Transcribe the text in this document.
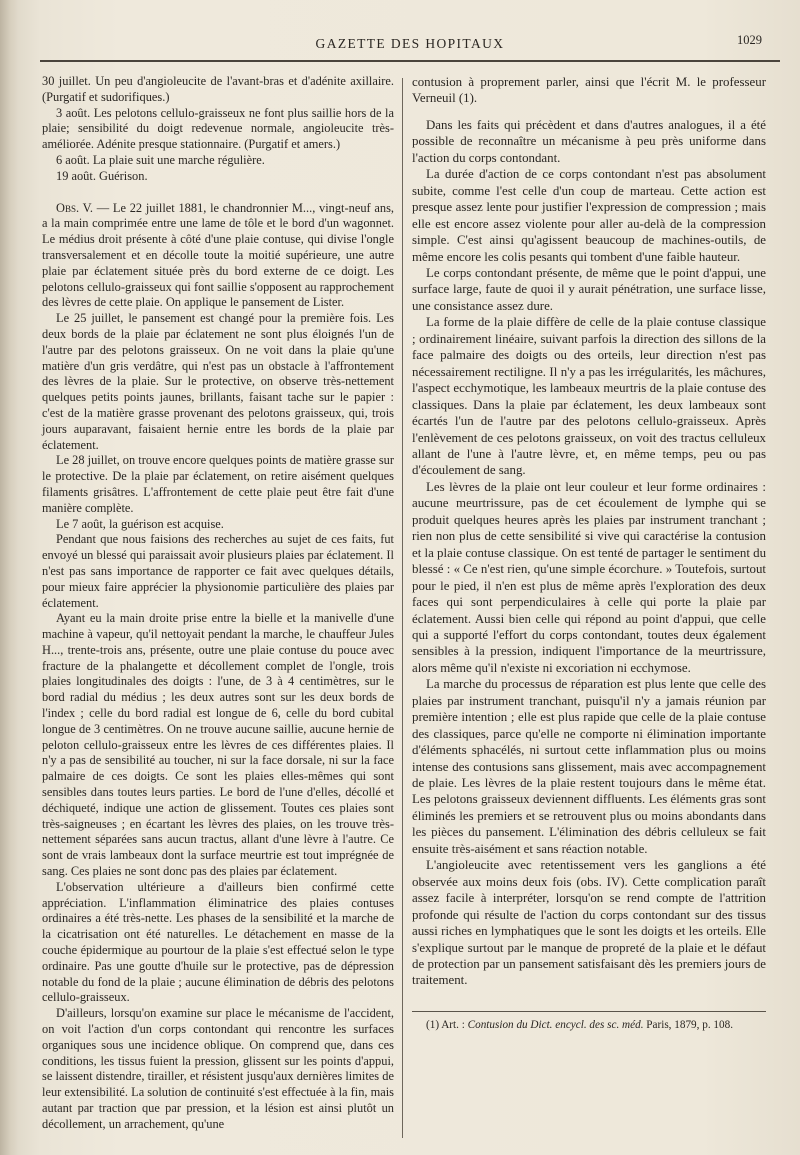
GAZETTE DES HOPITAUX	1029

30 juillet. Un peu d'angioleucite de l'avant-bras et d'adénite axillaire. (Purgatif et sudorifiques.)

3 août. Les pelotons cellulo-graisseux ne font plus saillie hors de la plaie; sensibilité du doigt redevenue normale, angioleucite très-améliorée. Adénite presque stationnaire. (Purgatif et amers.)

6 août. La plaie suit une marche régulière.

19 août. Guérison.

Obs. V. — Le 22 juillet 1881, le chandronnier M..., vingt-neuf ans, a la main comprimée entre une lame de tôle et le bord d'un wagonnet. Le médius droit présente à côté d'une plaie contuse, qui divise l'ongle transversalement et en décolle toute la moitié supérieure, une autre plaie par éclatement située près du bord externe de ce doigt. Les pelotons cellulo-graisseux qui font saillie s'opposent au rapprochement des lèvres de cette plaie. On applique le pansement de Lister.

Le 25 juillet, le pansement est changé pour la première fois. Les deux bords de la plaie par éclatement ne sont plus éloignés l'un de l'autre par des pelotons graisseux. On ne voit dans la plaie qu'une matière d'un gris verdâtre, qui n'est pas un obstacle à l'affrontement des lèvres de la plaie. Sur le protective, on observe très-nettement quelques petits points jaunes, brillants, faisant tache sur le papier : c'est de la matière grasse provenant des pelotons graisseux, qui, trois jours auparavant, faisaient hernie entre les bords de la plaie par éclatement.

Le 28 juillet, on trouve encore quelques points de matière grasse sur le protective. De la plaie par éclatement, on retire aisément quelques filaments grisâtres. L'affrontement de cette plaie peut être fait d'une manière complète.

Le 7 août, la guérison est acquise.

Pendant que nous faisions des recherches au sujet de ces faits, fut envoyé un blessé qui paraissait avoir plusieurs plaies par éclatement. Il n'est pas sans importance de rapporter ce fait avec quelques détails, pour mieux faire apprécier la physionomie particulière des plaies par éclatement.

Ayant eu la main droite prise entre la bielle et la manivelle d'une machine à vapeur, qu'il nettoyait pendant la marche, le chauffeur Jules H..., trente-trois ans, présente, outre une plaie contuse du pouce avec fracture de la phalangette et décollement complet de l'ongle, trois plaies longitudinales des doigts : l'une, de 3 à 4 centimètres, sur le bord radial du médius ; les deux autres sont sur les deux bords de l'index ; celle du bord radial est longue de 6, celle du bord cubital longue de 3 centimètres. On ne trouve aucune saillie, aucune hernie de peloton cellulo-graisseux entre les lèvres de ces différentes plaies. Il n'y a pas de sensibilité au toucher, ni sur la face dorsale, ni sur la face palmaire de ces doigts. Ce sont les plaies elles-mêmes qui sont sensibles dans toutes leurs parties. Le bord de l'une d'elles, décollé et déchiqueté, indique une action de glissement. Toutes ces plaies sont très-saigneuses ; en écartant les lèvres des plaies, on les trouve très-nettement séparées sans aucun tractus, allant d'une lèvre à l'autre. Ce sont de vrais lambeaux dont la surface meurtrie est tout imprégnée de sang. Ces plaies ne sont donc pas des plaies par éclatement.

L'observation ultérieure a d'ailleurs bien confirmé cette appréciation. L'inflammation éliminatrice des plaies contuses ordinaires a été très-nette. Les phases de la sensibilité et la marche de la cicatrisation ont été naturelles. Le détachement en masse de la couche épidermique au pourtour de la plaie s'est effectué selon le type ordinaire. Pas une goutte d'huile sur le protective, pas de dépression notable du fond de la plaie ; aucune élimination de débris des pelotons cellulo-graisseux.

D'ailleurs, lorsqu'on examine sur place le mécanisme de l'accident, on voit l'action d'un corps contondant qui rencontre les surfaces organiques sous une incidence oblique. On comprend que, dans ces conditions, les tissus fuient la pression, glissent sur les points d'appui, se laissent distendre, tirailler, et résistent jusqu'aux dernières limites de leur extensibilité. La solution de continuité s'est effectuée à la fin, mais autant par traction que par pression, et la lésion est ainsi plutôt un décollement, un arrachement, qu'une

contusion à proprement parler, ainsi que l'écrit M. le professeur Verneuil (1).

Dans les faits qui précèdent et dans d'autres analogues, il a été possible de reconnaître un mécanisme à peu près uniforme dans l'action du corps contondant.

La durée d'action de ce corps contondant n'est pas absolument subite, comme l'est celle d'un coup de marteau. Cette action est presque assez lente pour justifier l'expression de compression ; mais elle est encore assez violente pour aller au-delà de la compression simple. C'est ainsi qu'agissent beaucoup de machines-outils, de même encore les colis pesants qui tombent d'une faible hauteur.

Le corps contondant présente, de même que le point d'appui, une surface large, faute de quoi il y aurait pénétration, une surface lisse, une consistance assez dure.

La forme de la plaie diffère de celle de la plaie contuse classique ; ordinairement linéaire, suivant parfois la direction des sillons de la face palmaire des doigts ou des orteils, leur direction n'est pas nécessairement rectiligne. Il n'y a pas les irrégularités, les mâchures, l'aspect ecchymotique, les lambeaux meurtris de la plaie contuse des classiques. Dans la plaie par éclatement, les deux lambeaux sont écartés l'un de l'autre par des pelotons cellulo-graisseux. Après l'enlèvement de ces pelotons graisseux, on voit des tractus celluleux allant de l'une à l'autre lèvre, et, en même temps, peu ou pas d'écoulement de sang.

Les lèvres de la plaie ont leur couleur et leur forme ordinaires : aucune meurtrissure, pas de cet écoulement de lymphe qui se produit quelques heures après les plaies par instrument tranchant ; rien non plus de cette sensibilité si vive qui caractérise la contusion et la plaie contuse classique. On est tenté de partager le sentiment du blessé : « Ce n'est rien, qu'une simple écorchure. » Toutefois, surtout pour le pied, il n'en est plus de même après l'exploration des deux faces qui sont perpendiculaires à celle qui porte la plaie par éclatement. Aussi bien celle qui répond au point d'appui, que celle qui a supporté l'effort du corps contondant, toutes deux également sensibles à la pression, indiquent l'importance de la meurtrissure, alors même qu'il n'existe ni excoriation ni ecchymose.

La marche du processus de réparation est plus lente que celle des plaies par instrument tranchant, puisqu'il n'y a jamais réunion par première intention ; elle est plus rapide que celle de la plaie contuse des classiques, parce qu'elle ne comporte ni élimination importante d'éléments sphacélés, ni surtout cette inflammation plus ou moins intense des contusions sans glissement, mais avec accompagnement de plaie. Les lèvres de la plaie restent toujours dans le même état. Les pelotons graisseux deviennent diffluents. Les éléments gras sont éliminés les premiers et se retrouvent plus ou moins abondants dans les pièces du pansement. L'élimination des débris celluleux se fait ensuite très-aisément et sans réaction notable.

L'angioleucite avec retentissement vers les ganglions a été observée aux moins deux fois (obs. IV). Cette complication paraît assez facile à interpréter, lorsqu'on se rend compte de l'attrition profonde qui résulte de l'action du corps contondant sur des tissus aussi riches en lymphatiques que le sont les doigts et les orteils. Elle s'explique surtout par le manque de propreté de la plaie et le défaut de protection par un pansement satisfaisant dès les premiers jours de traitement.

(1) Art. : Contusion du Dict. encycl. des sc. méd. Paris, 1879, p. 108.
